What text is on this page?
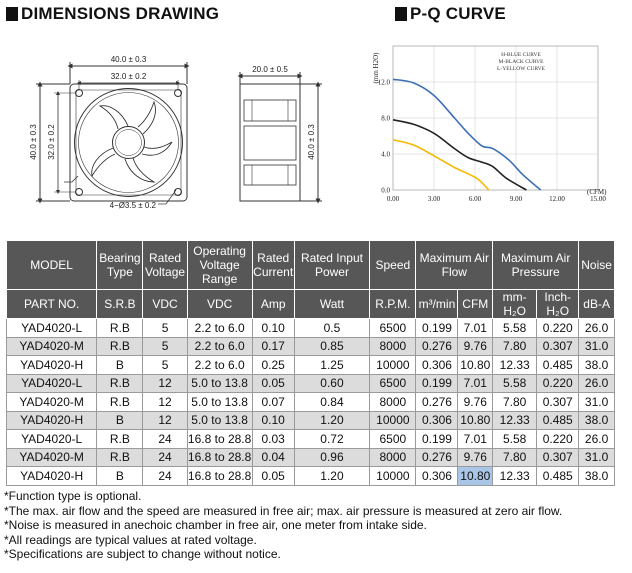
DIMENSIONS DRAWING	P-Q CURVE
40.0 ± 0.3
32.0 ± 0.2
40.0 ± 0.3 32.0 ± 0.2
4−Ø3.5 ± 0.2
20.0 ± 0.5
40.0 ± 0.3
0.0
4.0
8.0
12.0
0.00	3.00	6.00	9.00	12.00	15.00
(mm H2O)
(CFM)
H-BLUE CURVE
M-BLACK CURVE
L-YELLOW CURVE
MODEL	Bearing Type	Rated Voltage	Operating Voltage Range	Rated Current	Rated Input Power	Speed	Maximum Air Flow		Maximum Air Pressure		Noise
PART NO.	S.R.B	VDC	VDC	Amp	Watt	R.P.M.	m³/min	CFM	mm-H₂O	Inch-H₂O	dB-A
YAD4020-L	R.B	5	2.2 to 6.0	0.10	0.5	6500	0.199	7.01	5.58	0.220	26.0
YAD4020-M	R.B	5	2.2 to 6.0	0.17	0.85	8000	0.276	9.76	7.80	0.307	31.0
YAD4020-H	B	5	2.2 to 6.0	0.25	1.25	10000	0.306	10.80	12.33	0.485	38.0
YAD4020-L	R.B	12	5.0 to 13.8	0.05	0.60	6500	0.199	7.01	5.58	0.220	26.0
YAD4020-M	R.B	12	5.0 to 13.8	0.07	0.84	8000	0.276	9.76	7.80	0.307	31.0
YAD4020-H	B	12	5.0 to 13.8	0.10	1.20	10000	0.306	10.80	12.33	0.485	38.0
YAD4020-L	R.B	24	16.8 to 28.8	0.03	0.72	6500	0.199	7.01	5.58	0.220	26.0
YAD4020-M	R.B	24	16.8 to 28.8	0.04	0.96	8000	0.276	9.76	7.80	0.307	31.0
YAD4020-H	B	24	16.8 to 28.8	0.05	1.20	10000	0.306	10.80	12.33	0.485	38.0
*Function type is optional.
*The max. air flow and the speed are measured in free air; max. air pressure is measured at zero air flow.
*Noise is measured in anechoic chamber in free air, one meter from intake side.
*All readings are typical values at rated voltage.
*Specifications are subject to change without notice.
